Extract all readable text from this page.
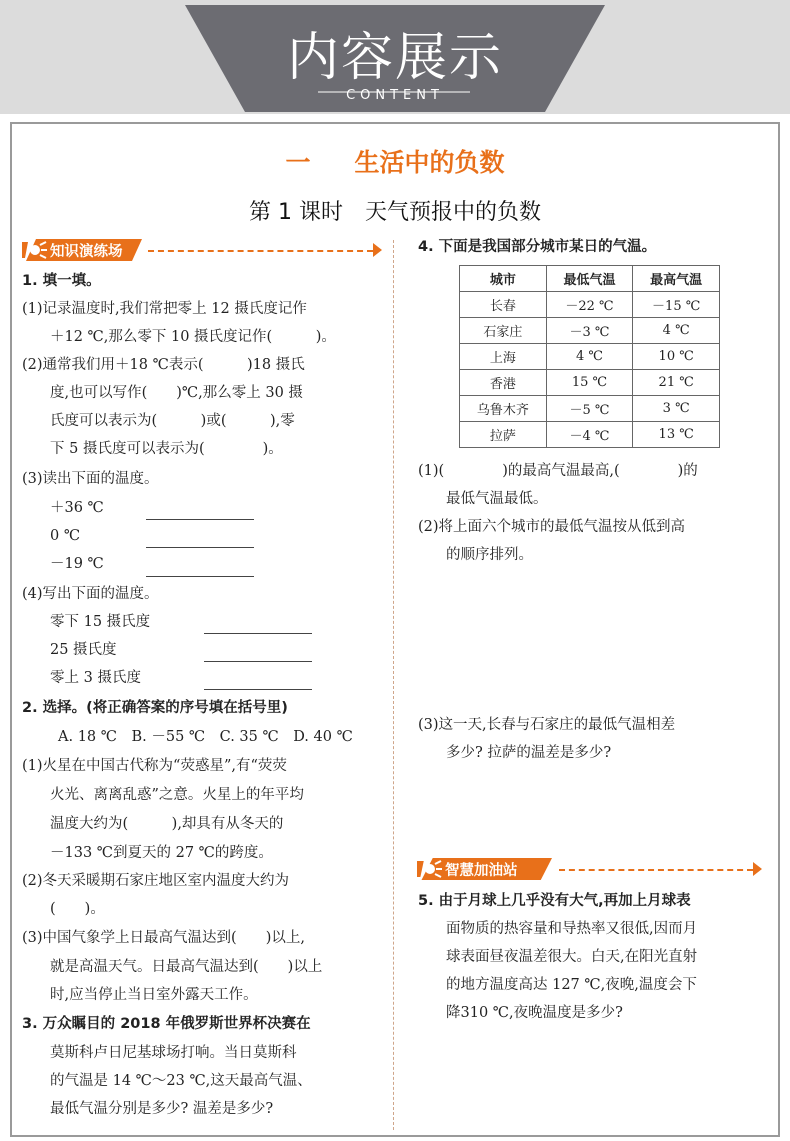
内容展示
CONTENT
一 生活中的负数
第 1 课时　天气预报中的负数
知识演练场
智慧加油站
1. 填一填。
(1)记录温度时,我们常把零上 12 摄氏度记作
＋12 ℃,那么零下 10 摄氏度记作(　　　)。
(2)通常我们用＋18 ℃表示(　　　)18 摄氏
度,也可以写作(　　)℃,那么零上 30 摄
氏度可以表示为(　　　)或(　　　),零
下 5 摄氏度可以表示为(　　　　)。
(3)读出下面的温度。
＋36 ℃
0 ℃
－19 ℃
(4)写出下面的温度。
零下 15 摄氏度
25 摄氏度
零上 3 摄氏度
2. 选择。(将正确答案的序号填在括号里)
A. 18 ℃　B. －55 ℃　C. 35 ℃　D. 40 ℃
(1)火星在中国古代称为“荧惑星”,有“荧荧
火光、离离乱惑”之意。火星上的年平均
温度大约为(　　　),却具有从冬天的
－133 ℃到夏天的 27 ℃的跨度。
(2)冬天采暖期石家庄地区室内温度大约为
(　　)。
(3)中国气象学上日最高气温达到(　　)以上,
就是高温天气。日最高气温达到(　　)以上
时,应当停止当日室外露天工作。
3. 万众瞩目的 2018 年俄罗斯世界杯决赛在
莫斯科卢日尼基球场打响。当日莫斯科
的气温是 14 ℃～23 ℃,这天最高气温、
最低气温分别是多少? 温差是多少?
4. 下面是我国部分城市某日的气温。
城市	最低气温	最高气温
长春	－22 ℃	－15 ℃
石家庄	－3 ℃	4 ℃
上海	4 ℃	10 ℃
香港	15 ℃	21 ℃
乌鲁木齐	－5 ℃	3 ℃
拉萨	－4 ℃	13 ℃
(1)(　　　　)的最高气温最高,(　　　　)的
最低气温最低。
(2)将上面六个城市的最低气温按从低到高
的顺序排列。
(3)这一天,长春与石家庄的最低气温相差
多少? 拉萨的温差是多少?
5. 由于月球上几乎没有大气,再加上月球表
面物质的热容量和导热率又很低,因而月
球表面昼夜温差很大。白天,在阳光直射
的地方温度高达 127 ℃,夜晚,温度会下
降310 ℃,夜晚温度是多少?
